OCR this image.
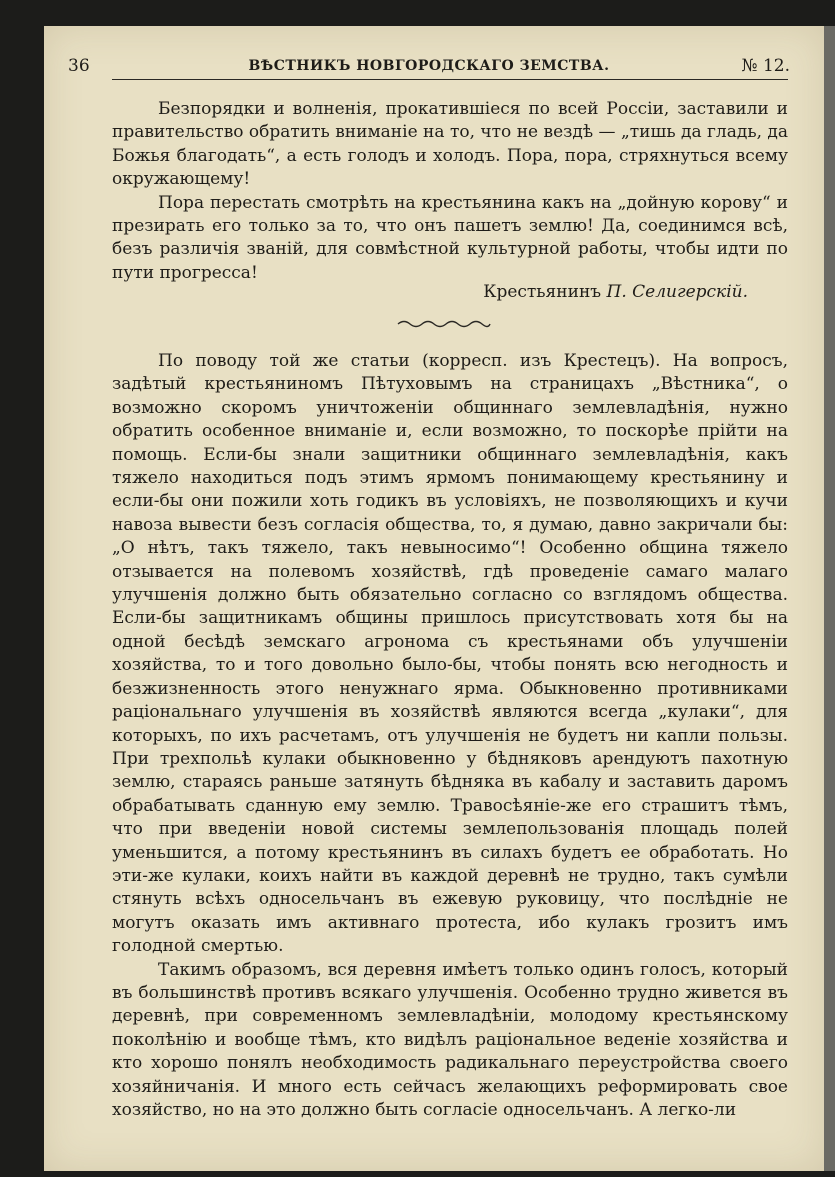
36	ВѢСТНИКЪ НОВГОРОДСКАГО ЗЕМСТВА.	№ 12.

Безпорядки и волненія, прокатившіеся по всей Россіи, заставили и правительство обратить вниманіе на то, что не вездѣ — „тишь да гладь, да Божья благодать“, а есть голодъ и холодъ. Пора, пора, стряхнуться всему окружающему!

Пора перестать смотрѣть на крестьянина какъ на „дойную корову“ и презирать его только за то, что онъ пашетъ землю! Да, соединимся всѣ, безъ различія званій, для совмѣстной культурной работы, чтобы идти по пути прогресса!

Крестьянинъ П. Селигерскій.

По поводу той же статьи (корресп. изъ Крестецъ). На вопросъ, задѣтый крестьяниномъ Пѣтуховымъ на страницахъ „Вѣстника“, о возможно скоромъ уничтоженіи общиннаго землевладѣнія, нужно обратить особенное вниманіе и, если возможно, то поскорѣе прійти на помощь. Если-бы знали защитники общиннаго землевладѣнія, какъ тяжело находиться подъ этимъ ярмомъ понимающему крестьянину и если-бы они пожили хоть годикъ въ условіяхъ, не позволяющихъ и кучи навоза вывести безъ согласія общества, то, я думаю, давно закричали бы: „О нѣтъ, такъ тяжело, такъ невыносимо“! Особенно община тяжело отзывается на полевомъ хозяйствѣ, гдѣ проведеніе самаго малаго улучшенія должно быть обязательно согласно со взглядомъ общества. Если-бы защитникамъ общины пришлось присутствовать хотя бы на одной бесѣдѣ земскаго агронома съ крестьянами объ улучшеніи хозяйства, то и того довольно было-бы, чтобы понять всю негодность и безжизненность этого ненужнаго ярма. Обыкновенно противниками раціональнаго улучшенія въ хозяйствѣ являются всегда „кулаки“, для которыхъ, по ихъ расчетамъ, отъ улучшенія не будетъ ни капли пользы. При трехпольѣ кулаки обыкновенно у бѣдняковъ арендуютъ пахотную землю, стараясь раньше затянуть бѣдняка въ кабалу и заставить даромъ обрабатывать сданную ему землю. Травосѣяніе-же его страшитъ тѣмъ, что при введеніи новой системы землепользованія площадь полей уменьшится, а потому крестьянинъ въ силахъ будетъ ее обработать. Но эти-же кулаки, коихъ найти въ каждой деревнѣ не трудно, такъ сумѣли стянуть всѣхъ односельчанъ въ ежевую руковицу, что послѣдніе не могутъ оказать имъ активнаго протеста, ибо кулакъ грозитъ имъ голодной смертью.

Такимъ образомъ, вся деревня имѣетъ только одинъ голосъ, который въ большинствѣ противъ всякаго улучшенія. Особенно трудно живется въ деревнѣ, при современномъ землевладѣніи, молодому крестьянскому поколѣнію и вообще тѣмъ, кто видѣлъ раціональное веденіе хозяйства и кто хорошо понялъ необходимость радикальнаго переустройства своего хозяйничанія. И много есть сейчасъ желающихъ реформировать свое хозяйство, но на это должно быть согласіе односельчанъ. А легко-ли
